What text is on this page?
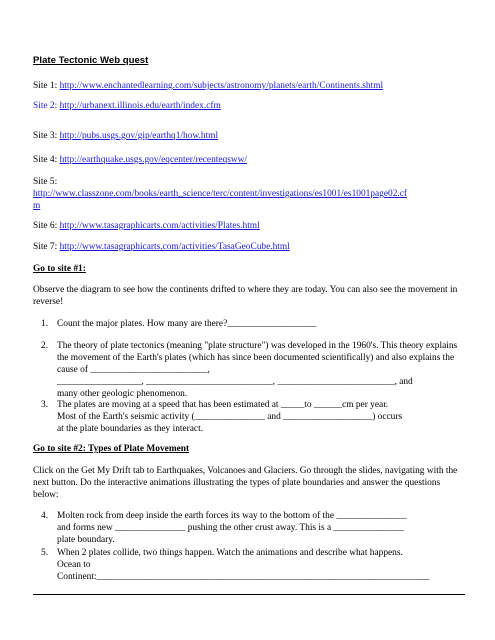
Plate Tectonic Web quest
Site 1: http://www.enchantedlearning.com/subjects/astronomy/planets/earth/Continents.shtml
Site 2: http://urbanext.illinois.edu/earth/index.cfm
Site 3: http://pubs.usgs.gov/gip/earthq1/how.html
Site 4: http://earthquake.usgs.gov/eqcenter/recenteqsww/
Site 5:
http://www.classzone.com/books/earth_science/terc/content/investigations/es1001/es1001page02.cf
m
Site 6: http://www.tasagraphicarts.com/activities/Plates.html
Site 7: http://www.tasagraphicarts.com/activities/TasaGeoCube.html
Go to site #1:
Observe the diagram to see how the continents drifted to where they are today. You can also see the movement in reverse!
1. Count the major plates. How many are there?___________________
2. The theory of plate tectonics (meaning "plate structure") was developed in the 1960's. This theory explains the movement of the Earth's plates (which has since been documented scientifically) and also explains the cause of _________________________,
__________________, ___________________________, _________________________, and
many other geologic phenomenon.
3. The plates are moving at a speed that has been estimated at _____to ______cm per year.
Most of the Earth's seismic activity (_______________ and ___________________) occurs
at the plate boundaries as they interact.
Go to site #2: Types of Plate Movement
Click on the Get My Drift tab to Earthquakes, Volcanoes and Glaciers. Go through the slides, navigating with the next button. Do the interactive animations illustrating the types of plate boundaries and answer the questions below:
4. Molten rock from deep inside the earth forces its way to the bottom of the _______________
and forms new _______________ pushing the other crust away. This is a _______________
plate boundary.
5. When 2 plates collide, two things happen. Watch the animations and describe what happens.
Ocean to
Continent:_______________________________________________________________________
